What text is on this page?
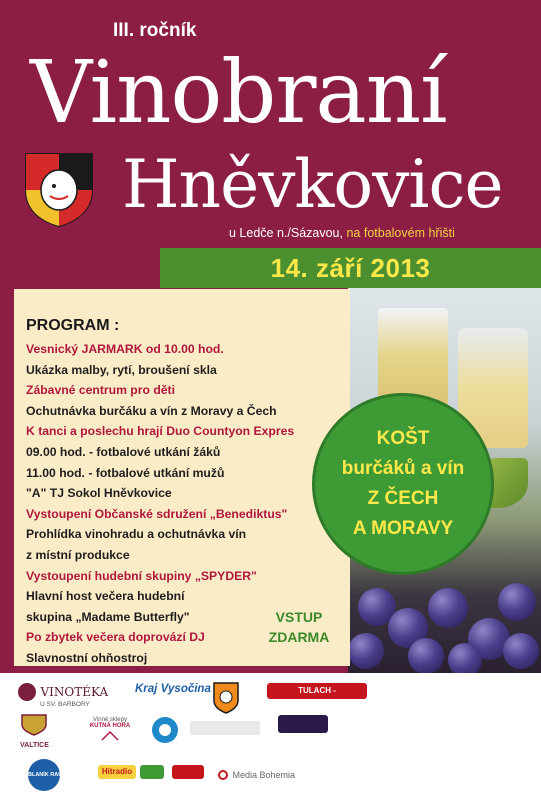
III. ročník
Vinobraní
Hněvkovice
u Ledče n./Sázavou, na fotbalovém hřišti
14. září 2013
PROGRAM :
Vesnický JARMARK od 10.00 hod.
Ukázka malby, rytí, broušení skla
Zábavné centrum pro děti
Ochutnávka burčáku a vín z Moravy a Čech
K tanci a poslechu hrají Duo Countyon Expres
09.00 hod. - fotbalové utkání žáků
11.00 hod. - fotbalové utkání mužů
"A" TJ Sokol Hněvkovice
Vystoupení Občanské sdružení „Benediktus"
Prohlídka vinohradu a ochutnávka vín
z místní produkce
Vystoupení hudební skupiny „SPYDER"
Hlavní host večera hudební
skupina „Madame Butterfly"
Po zbytek večera doprovází DJ
Slavnostní ohňostroj
VSTUP
ZDARMA
KOŠT
burčáků a vín
Z ČECH
A MORAVY
VINOTÉKA
U SV. BARBORY
Kraj Vysočina	TULACH - AUTODOPRAVA
VALTICE
Vinné sklepy
KUTNÁ HORA
BLANÍK RADIO	Hitradio	Media Bohemia
